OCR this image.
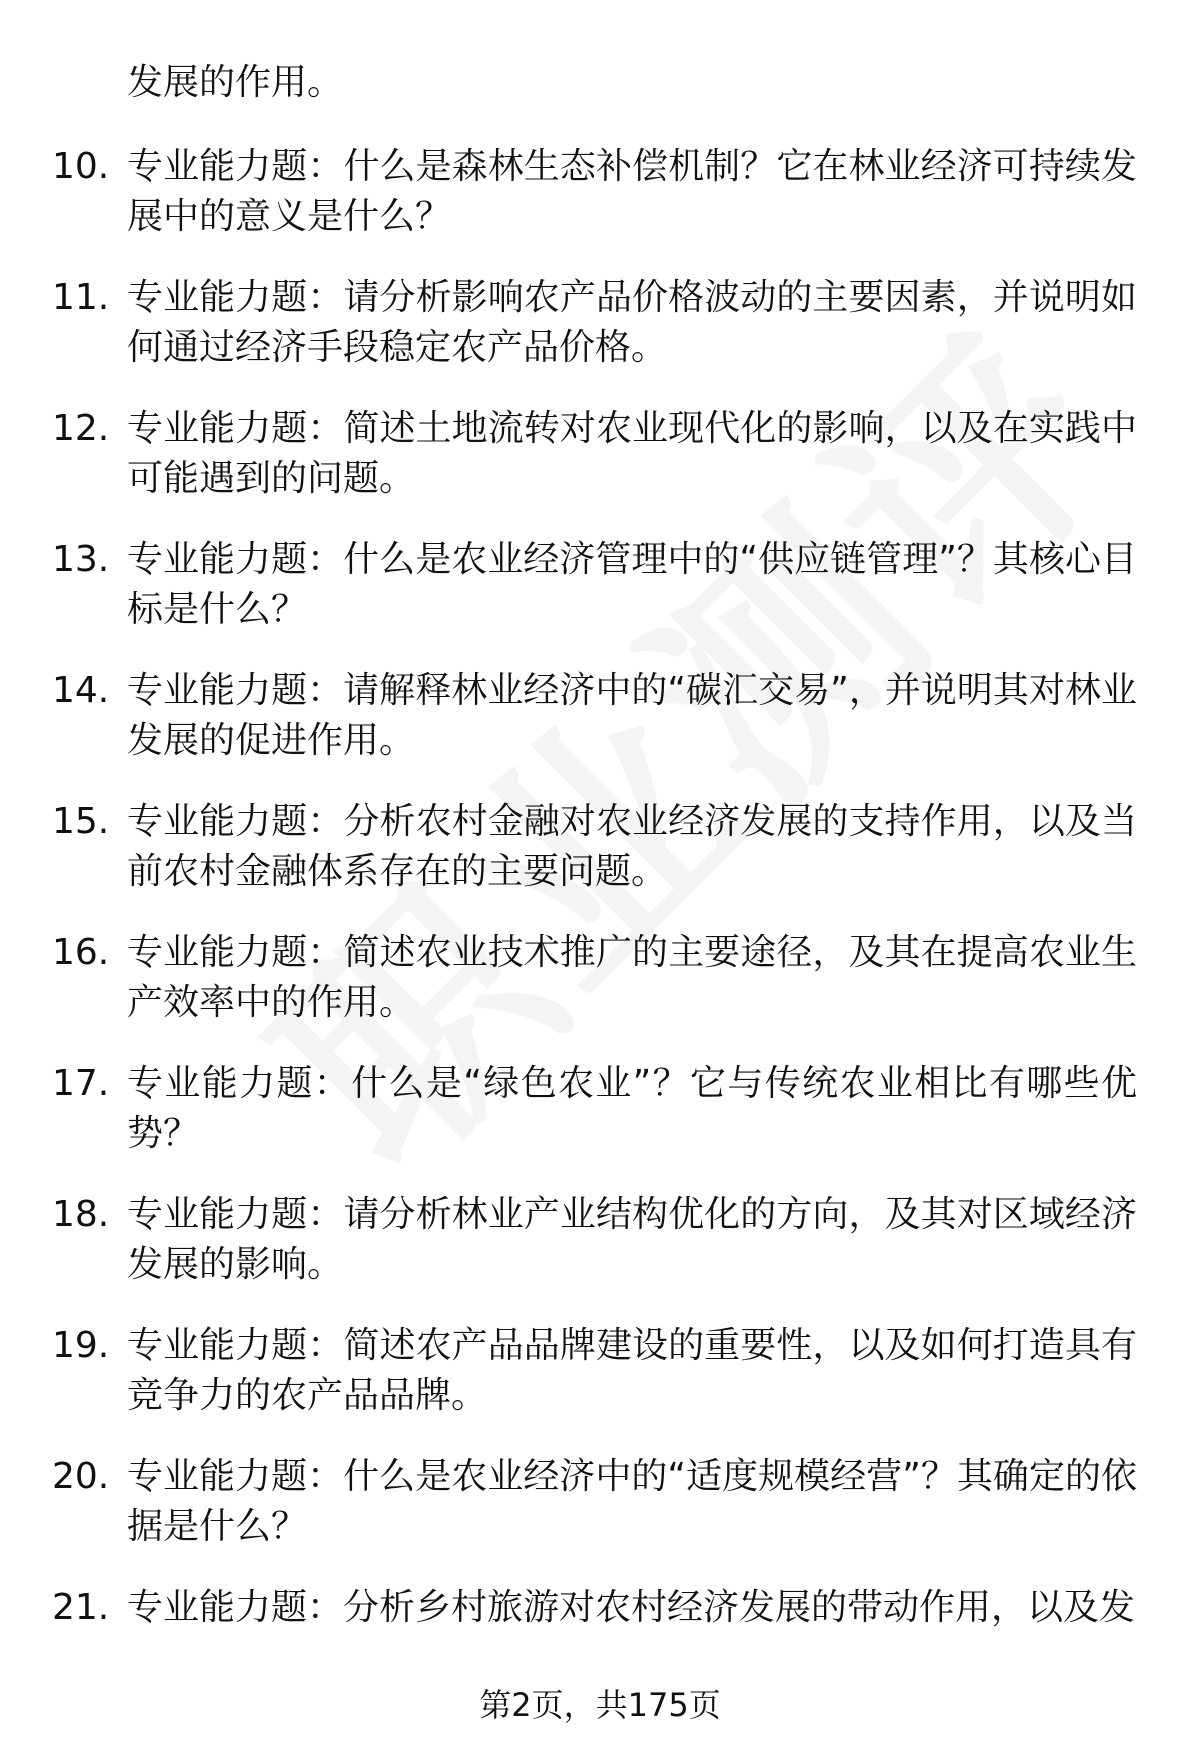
发展的作用。
10. 专业能力题：什么是森林生态补偿机制？它在林业经济可持续发展中的意义是什么？
11. 专业能力题：请分析影响农产品价格波动的主要因素，并说明如何通过经济手段稳定农产品价格。
12. 专业能力题：简述土地流转对农业现代化的影响，以及在实践中可能遇到的问题。
13. 专业能力题：什么是农业经济管理中的“供应链管理”？其核心目标是什么？
14. 专业能力题：请解释林业经济中的“碳汇交易”，并说明其对林业发展的促进作用。
15. 专业能力题：分析农村金融对农业经济发展的支持作用，以及当前农村金融体系存在的主要问题。
16. 专业能力题：简述农业技术推广的主要途径，及其在提高农业生产效率中的作用。
17. 专业能力题：什么是“绿色农业”？它与传统农业相比有哪些优势？
18. 专业能力题：请分析林业产业结构优化的方向，及其对区域经济发展的影响。
19. 专业能力题：简述农产品品牌建设的重要性，以及如何打造具有竞争力的农产品品牌。
20. 专业能力题：什么是农业经济中的“适度规模经营”？其确定的依据是什么？
21. 专业能力题：分析乡村旅游对农村经济发展的带动作用，以及发
第2页，共175页
